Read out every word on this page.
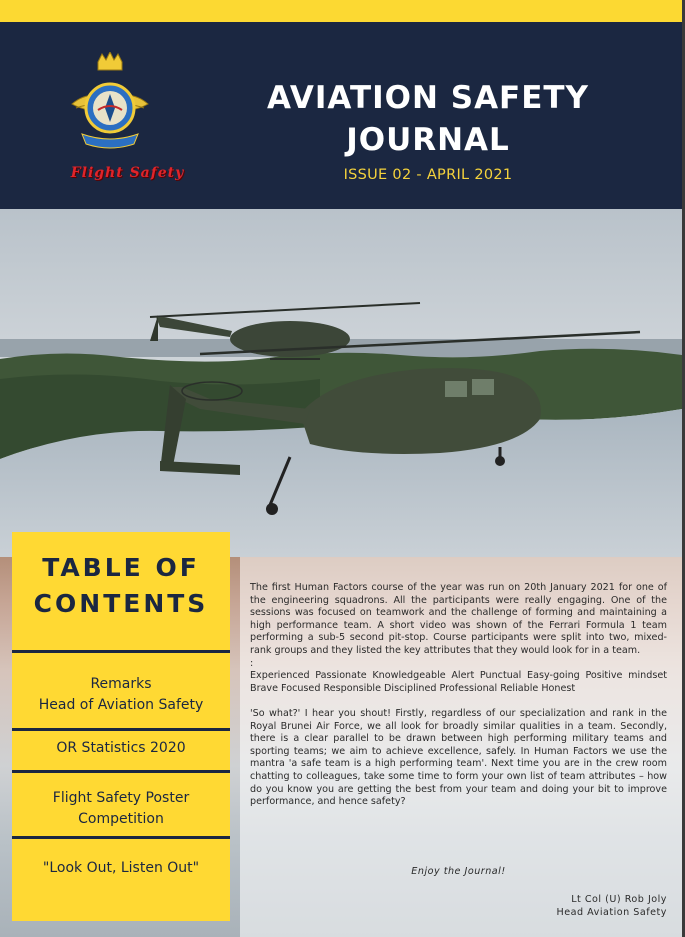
Flight Safety
AVIATION SAFETY
JOURNAL
ISSUE 02 - APRIL 2021
TABLE OF
CONTENTS
Remarks
Head of Aviation Safety
OR Statistics 2020
Flight Safety Poster
Competition
"Look Out, Listen Out"

The first Human Factors course of the year was run on 20th January 2021 for one of the engineering squadrons. All the participants were really engaging. One of the sessions was focused on teamwork and the challenge of forming and maintaining a high performance team. A short video was shown of the Ferrari Formula 1 team performing a sub-5 second pit-stop. Course participants were split into two, mixed-rank groups and they listed the key attributes that they would look for in a team.

:

Experienced Passionate Knowledgeable Alert Punctual Easy-going Positive mindset Brave Focused Responsible Disciplined Professional Reliable Honest

'So what?' I hear you shout! Firstly, regardless of our specialization and rank in the Royal Brunei Air Force, we all look for broadly similar qualities in a team. Secondly, there is a clear parallel to be drawn between high performing military teams and sporting teams; we aim to achieve excellence, safely. In Human Factors we use the mantra 'a safe team is a high performing team'. Next time you are in the crew room chatting to colleagues, take some time to form your own list of team attributes – how do you know you are getting the best from your team and doing your bit to improve performance, and hence safety?

Enjoy the Journal!
Lt Col (U) Rob Joly
Head Aviation Safety
